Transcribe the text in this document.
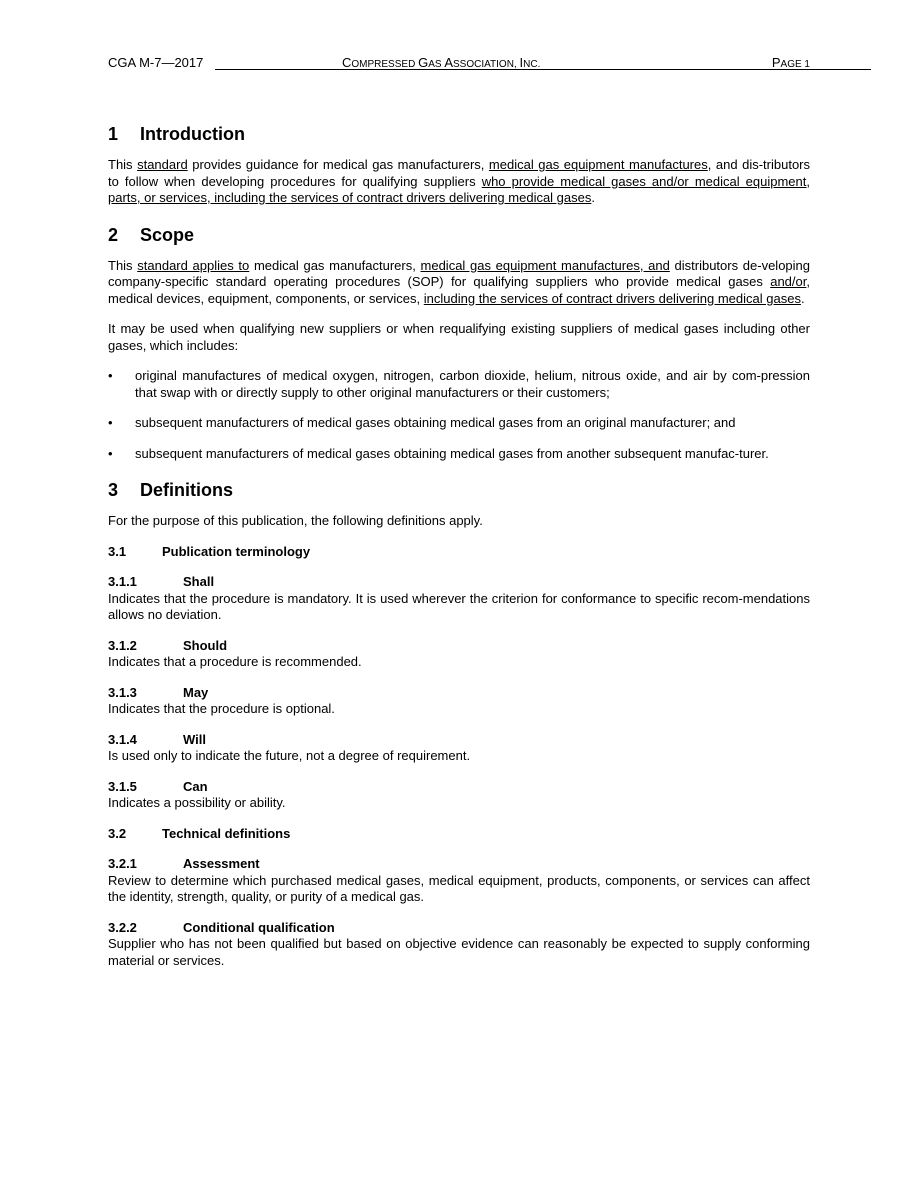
CGA M-7—2017	COMPRESSED GAS ASSOCIATION, INC.	PAGE 1
1	Introduction

This standard provides guidance for medical gas manufacturers, medical gas equipment manufactures, and dis-tributors to follow when developing procedures for qualifying suppliers who provide medical gases and/or medical equipment, parts, or services, including the services of contract drivers delivering medical gases.

2	Scope

This standard applies to medical gas manufacturers, medical gas equipment manufactures, and distributors de-veloping company-specific standard operating procedures (SOP) for qualifying suppliers who provide medical gases and/or, medical devices, equipment, components, or services, including the services of contract drivers delivering medical gases.

It may be used when qualifying new suppliers or when requalifying existing suppliers of medical gases including other gases, which includes:

•	original manufactures of medical oxygen, nitrogen, carbon dioxide, helium, nitrous oxide, and air by com-pression that swap with or directly supply to other original manufacturers or their customers;
•	subsequent manufacturers of medical gases obtaining medical gases from an original manufacturer; and
•	subsequent manufacturers of medical gases obtaining medical gases from another subsequent manufac-turer.
3	Definitions

For the purpose of this publication, the following definitions apply.

3.1	Publication terminology
3.1.1	Shall

Indicates that the procedure is mandatory. It is used wherever the criterion for conformance to specific recom-mendations allows no deviation.

3.1.2	Should

Indicates that a procedure is recommended.

3.1.3	May

Indicates that the procedure is optional.

3.1.4	Will

Is used only to indicate the future, not a degree of requirement.

3.1.5	Can

Indicates a possibility or ability.

3.2	Technical definitions
3.2.1	Assessment

Review to determine which purchased medical gases, medical equipment, products, components, or services can affect the identity, strength, quality, or purity of a medical gas.

3.2.2	Conditional qualification

Supplier who has not been qualified but based on objective evidence can reasonably be expected to supply conforming material or services.
